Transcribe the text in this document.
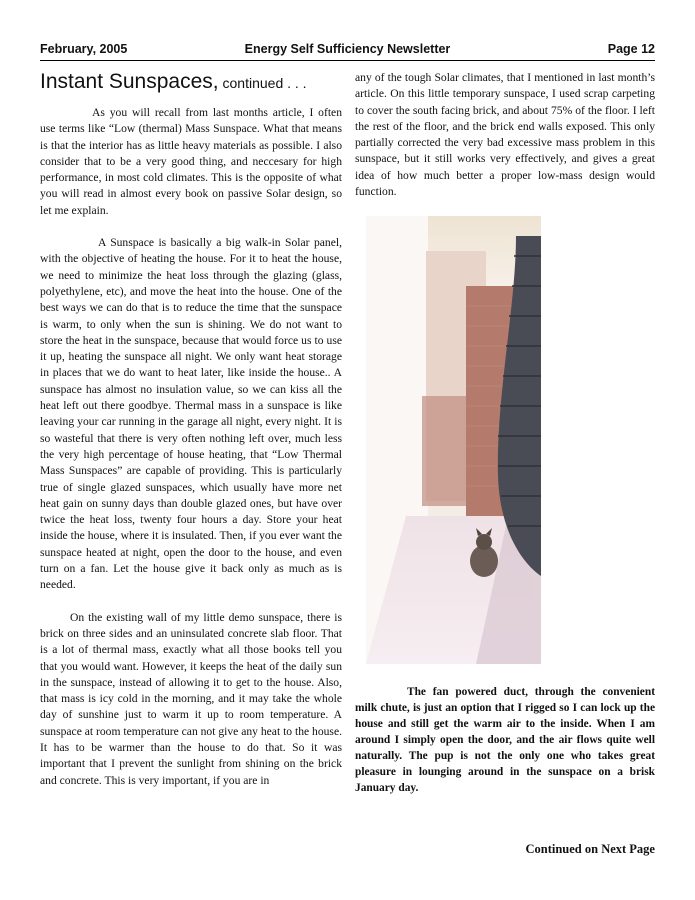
February, 2005	Energy Self Sufficiency Newsletter	Page 12
Instant Sunspaces, continued . . .

As you will recall from last months article, I often use terms like “Low (thermal) Mass Sunspace. What that means is that the interior has as little heavy materials as possible. I also consider that to be a very good thing, and neccesary for high performance, in most cold climates. This is the opposite of what you will read in almost every book on passive Solar design, so let me explain.

A Sunspace is basically a big walk-in Solar panel, with the objective of heating the house. For it to heat the house, we need to minimize the heat loss through the glazing (glass, polyethylene, etc), and move the heat into the house. One of the best ways we can do that is to reduce the time that the sunspace is warm, to only when the sun is shining. We do not want to store the heat in the sunspace, because that would force us to use it up, heating the sunspace all night. We only want heat storage in places that we do want to heat later, like inside the house.. A sunspace has almost no insulation value, so we can kiss all the heat left out there goodbye. Thermal mass in a sunspace is like leaving your car running in the garage all night, every night. It is so wasteful that there is very often nothing left over, much less the very high percentage of house heating, that “Low Thermal Mass Sunspaces” are capable of providing. This is particularly true of single glazed sunspaces, which usually have more net heat gain on sunny days than double glazed ones, but have over twice the heat loss, twenty four hours a day. Store your heat inside the house, where it is insulated. Then, if you ever want the sunspace heated at night, open the door to the house, and even turn on a fan. Let the house give it back only as much as is needed.

On the existing wall of my little demo sunspace, there is brick on three sides and an uninsulated concrete slab floor. That is a lot of thermal mass, exactly what all those books tell you that you would want. However, it keeps the heat of the daily sun in the sunspace, instead of allowing it to get to the house. Also, that mass is icy cold in the morning, and it may take the whole day of sunshine just to warm it up to room temperature. A sunspace at room temperature can not give any heat to the house. It has to be warmer than the house to do that. So it was important that I prevent the sunlight from shining on the brick and concrete. This is very important, if you are in

any of the tough Solar climates, that I mentioned in last month’s article. On this little temporary sunspace, I used scrap carpeting to cover the south facing brick, and about 75% of the floor. I left the rest of the floor, and the brick end walls exposed. This only partially corrected the very bad excessive mass problem in this sunspace, but it still works very effectively, and gives a great idea of how much better a proper low-mass design would function.

The fan powered duct, through the convenient milk chute, is just an option that I rigged so I can lock up the house and still get the warm air to the inside. When I am around I simply open the door, and the air flows quite well naturally. The pup is not the only one who takes great pleasure in lounging around in the sunspace on a brisk January day.
Continued on Next Page
